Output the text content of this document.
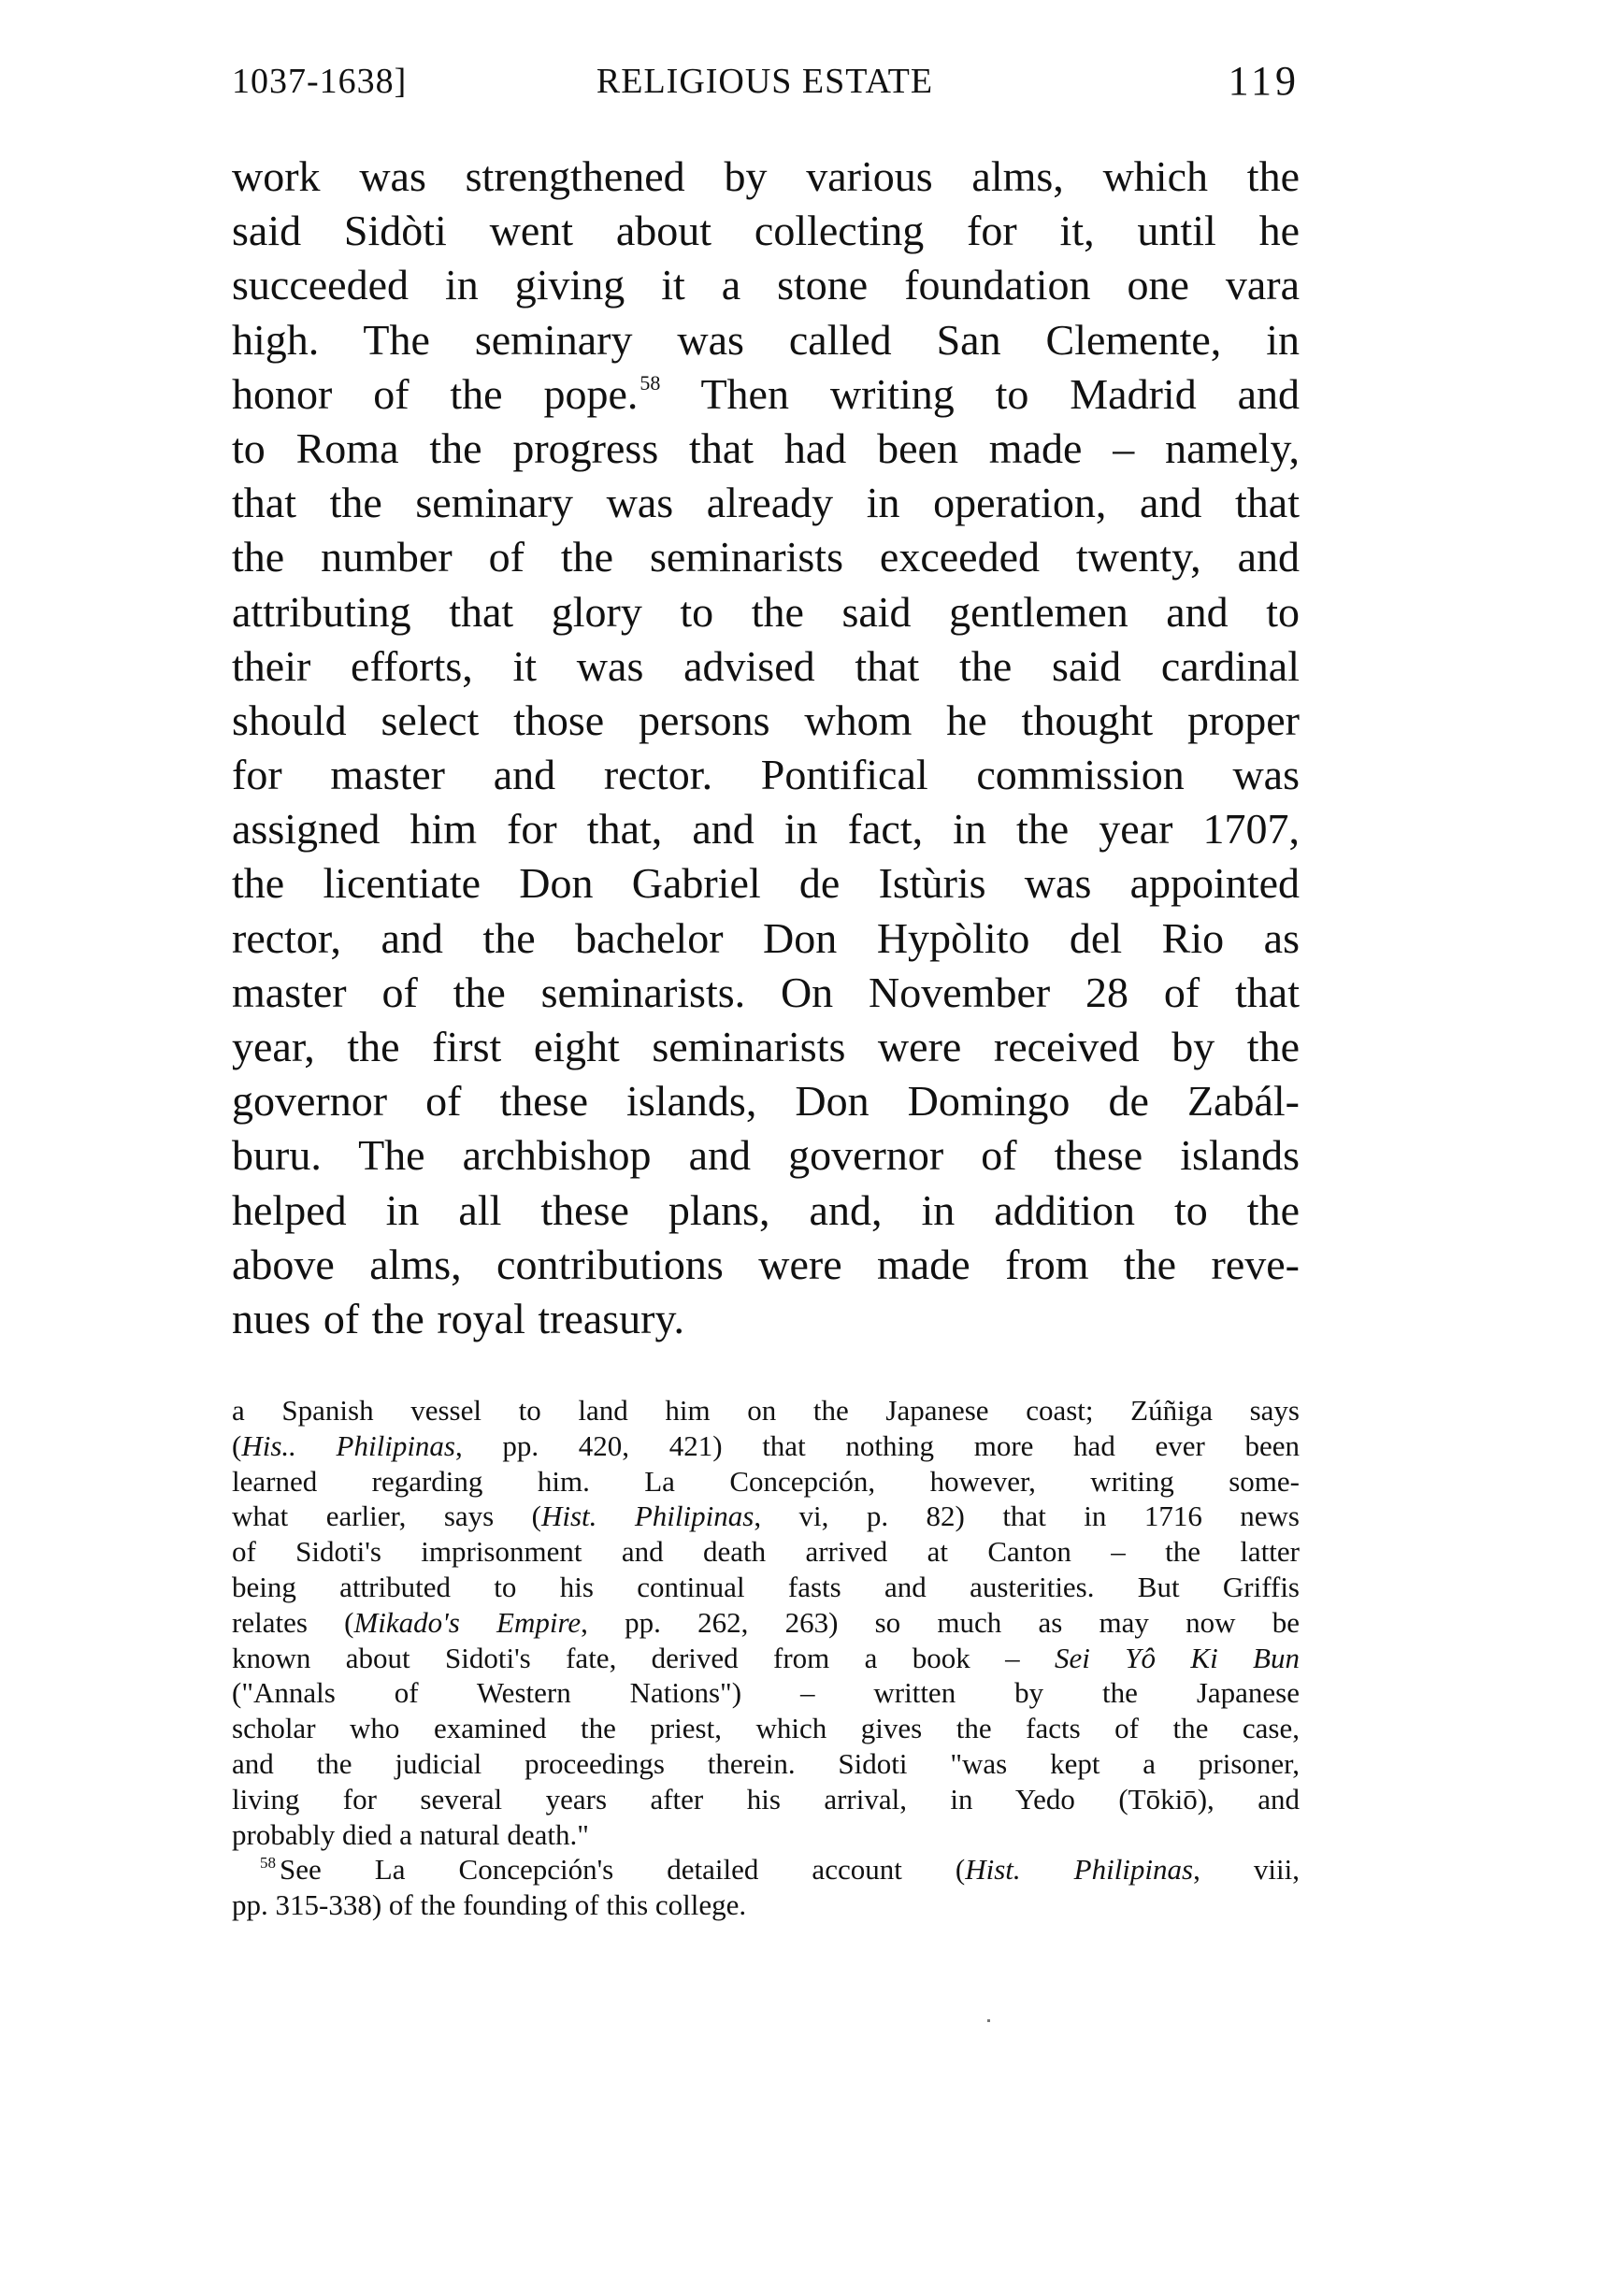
1037-1638]	RELIGIOUS ESTATE	119
work was strengthened by various alms, which the
said Sidòti went about collecting for it, until he
succeeded in giving it a stone foundation one vara
high. The seminary was called San Clemente, in
honor of the pope.$^{58}$ Then writing to Madrid and
to Roma the progress that had been made – namely,
that the seminary was already in operation, and that
the number of the seminarists exceeded twenty, and
attributing that glory to the said gentlemen and to
their efforts, it was advised that the said cardinal
should select those persons whom he thought proper
for master and rector. Pontifical commission was
assigned him for that, and in fact, in the year 1707,
the licentiate Don Gabriel de Istùris was appointed
rector, and the bachelor Don Hypòlito del Rio as
master of the seminarists. On November 28 of that
year, the first eight seminarists were received by the
governor of these islands, Don Domingo de Zabál-
buru. The archbishop and governor of these islands
helped in all these plans, and, in addition to the
above alms, contributions were made from the reve-
nues of the royal treasury.
a Spanish vessel to land him on the Japanese coast; Zúñiga says
(His.. Philipinas, pp. 420, 421) that nothing more had ever been
learned regarding him. La Concepción, however, writing some-
what earlier, says (Hist. Philipinas, vi, p. 82) that in 1716 news
of Sidoti's imprisonment and death arrived at Canton – the latter
being attributed to his continual fasts and austerities. But Griffis
relates (Mikado's Empire, pp. 262, 263) so much as may now be
known about Sidoti's fate, derived from a book – Sei Yô Ki Bun
("Annals of Western Nations") – written by the Japanese
scholar who examined the priest, which gives the facts of the case,
and the judicial proceedings therein. Sidoti "was kept a prisoner,
living for several years after his arrival, in Yedo (Tōkiō), and
probably died a natural death."
$^{58}$ See La Concepción's detailed account (Hist. Philipinas, viii,
pp. 315-338) of the founding of this college.
